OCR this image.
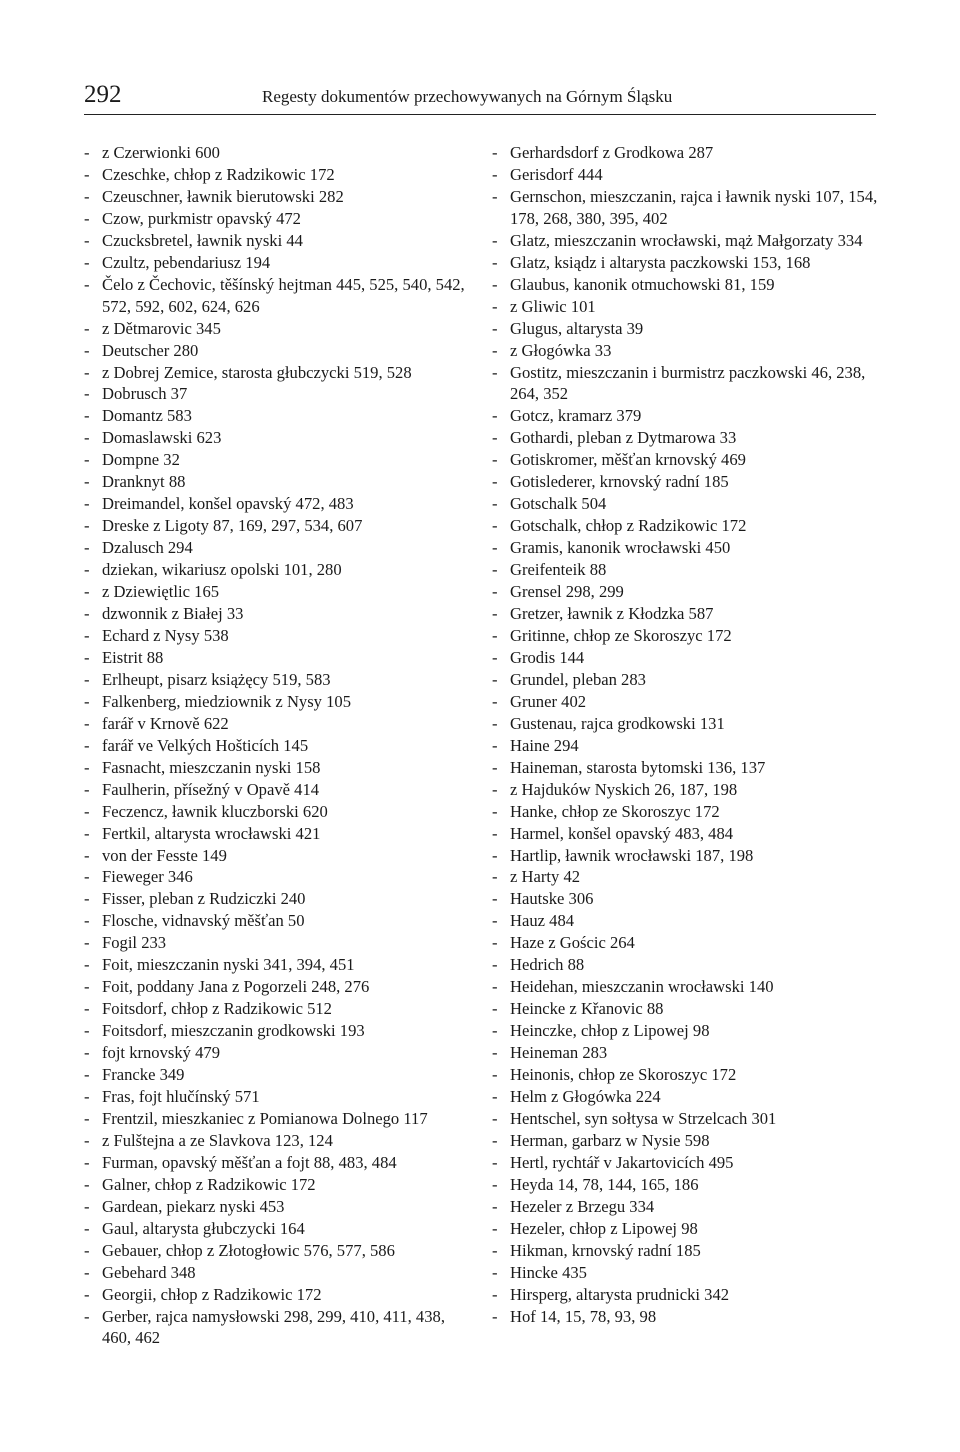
292	Regesty dokumentów przechowywanych na Górnym Śląsku
- z Czerwionki 600
- Czeschke, chłop z Radzikowic 172
- Czeuschner, ławnik bierutowski 282
- Czow, purkmistr opavský 472
- Czucksbretel, ławnik nyski 44
- Czultz, pebendariusz 194
- Čelo z Čechovic, těšínský hejtman 445, 525, 540, 542, 572, 592, 602, 624, 626
- z Dětmarovic 345
- Deutscher 280
- z Dobrej Zemice, starosta głubczycki 519, 528
- Dobrusch 37
- Domantz 583
- Domaslawski 623
- Dompne 32
- Dranknyt 88
- Dreimandel, konšel opavský 472, 483
- Dreske z Ligoty 87, 169, 297, 534, 607
- Dzalusch 294
- dziekan, wikariusz opolski 101, 280
- z Dziewiętlic 165
- dzwonnik z Białej 33
- Echard z Nysy 538
- Eistrit 88
- Erlheupt, pisarz książęcy 519, 583
- Falkenberg, miedziownik z Nysy 105
- farář v Krnově 622
- farář ve Velkých Hošticích 145
- Fasnacht, mieszczanin nyski 158
- Faulherin, přísežný v Opavě 414
- Feczencz, ławnik kluczborski 620
- Fertkil, altarysta wrocławski 421
- von der Fesste 149
- Fieweger 346
- Fisser, pleban z Rudziczki 240
- Flosche, vidnavský měšťan 50
- Fogil 233
- Foit, mieszczanin nyski 341, 394, 451
- Foit, poddany Jana z Pogorzeli 248, 276
- Foitsdorf, chłop z Radzikowic 512
- Foitsdorf, mieszczanin grodkowski 193
- fojt krnovský 479
- Francke 349
- Fras, fojt hlučínský 571
- Frentzil, mieszkaniec z Pomianowa Dolnego 117
- z Fulštejna a ze Slavkova 123, 124
- Furman, opavský měšťan a fojt 88, 483, 484
- Galner, chłop z Radzikowic 172
- Gardean, piekarz nyski 453
- Gaul, altarysta głubczycki 164
- Gebauer, chłop z Złotogłowic 576, 577, 586
- Gebehard 348
- Georgii, chłop z Radzikowic 172
- Gerber, rajca namysłowski 298, 299, 410, 411, 438, 460, 462
- Gerhardsdorf z Grodkowa 287
- Gerisdorf 444
- Gernschon, mieszczanin, rajca i ławnik nyski 107, 154, 178, 268, 380, 395, 402
- Glatz, mieszczanin wrocławski, mąż Małgorzaty 334
- Glatz, ksiądz i altarysta paczkowski 153, 168
- Glaubus, kanonik otmuchowski 81, 159
- z Gliwic 101
- Glugus, altarysta 39
- z Głogówka 33
- Gostitz, mieszczanin i burmistrz paczkowski 46, 238, 264, 352
- Gotcz, kramarz 379
- Gothardi, pleban z Dytmarowa 33
- Gotiskromer, měšťan krnovský 469
- Gotislederer, krnovský radní 185
- Gotschalk 504
- Gotschalk, chłop z Radzikowic 172
- Gramis, kanonik wrocławski 450
- Greifenteik 88
- Grensel 298, 299
- Gretzer, ławnik z Kłodzka 587
- Gritinne, chłop ze Skoroszyc 172
- Grodis 144
- Grundel, pleban 283
- Gruner 402
- Gustenau, rajca grodkowski 131
- Haine 294
- Haineman, starosta bytomski 136, 137
- z Hajduków Nyskich 26, 187, 198
- Hanke, chłop ze Skoroszyc 172
- Harmel, konšel opavský 483, 484
- Hartlip, ławnik wrocławski 187, 198
- z Harty 42
- Hautske 306
- Hauz 484
- Haze z Gościc 264
- Hedrich 88
- Heidehan, mieszczanin wrocławski 140
- Heincke z Křanovic 88
- Heinczke, chłop z Lipowej 98
- Heineman 283
- Heinonis, chłop ze Skoroszyc 172
- Helm z Głogówka 224
- Hentschel, syn sołtysa w Strzelcach 301
- Herman, garbarz w Nysie 598
- Hertl, rychtář v Jakartovicích 495
- Heyda 14, 78, 144, 165, 186
- Hezeler z Brzegu 334
- Hezeler, chłop z Lipowej 98
- Hikman, krnovský radní 185
- Hincke 435
- Hirsperg, altarysta prudnicki 342
- Hof 14, 15, 78, 93, 98
